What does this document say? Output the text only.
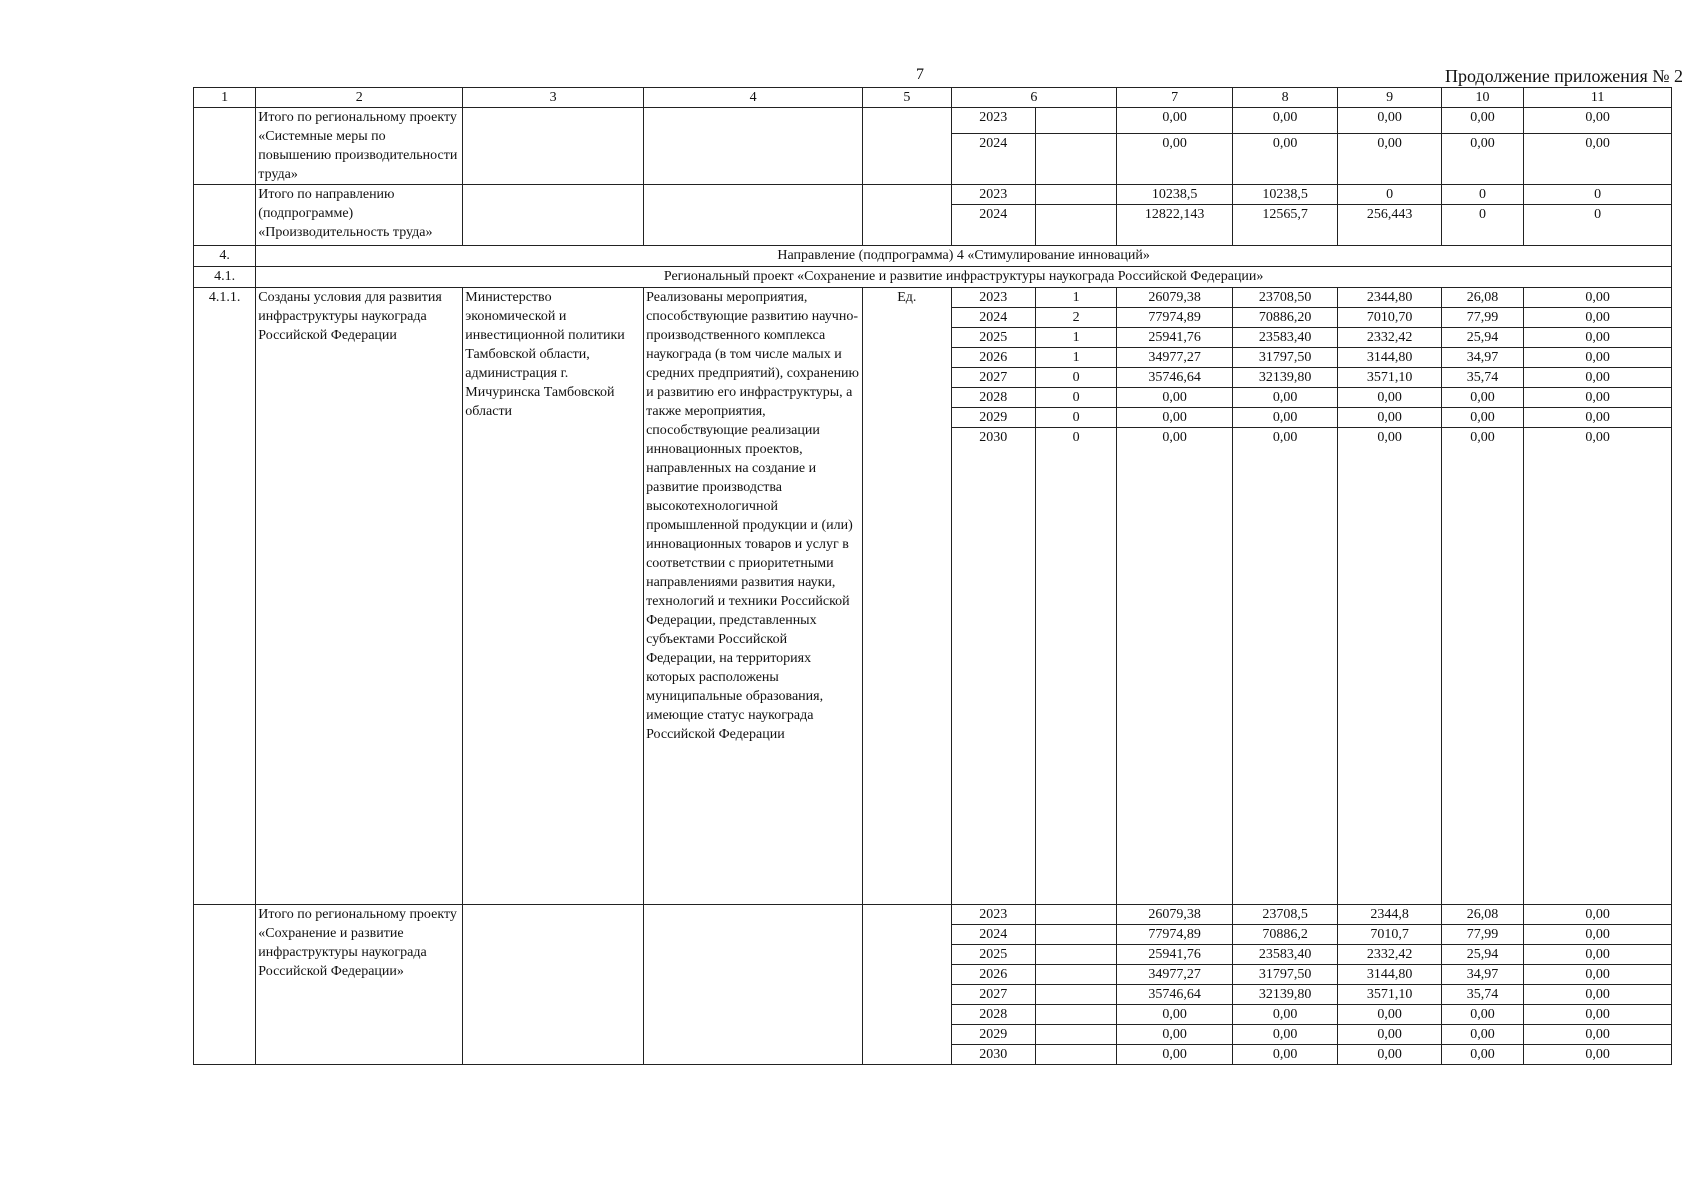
7	Продолжение приложения № 2
1	2	3	4	5	6		7	8	9	10	11
	Итого по региональному проекту «Системные меры по повышению производительности труда»				2023		0,00	0,00	0,00	0,00	0,00
					2024		0,00	0,00	0,00	0,00	0,00
	Итого по направлению (подпрограмме) «Производительность труда»				2023		10238,5	10238,5	0	0	0
					2024		12822,143	12565,7	256,443	0	0
4.	Направление (подпрограмма) 4 «Стимулирование инноваций»										
4.1.	Региональный проект «Сохранение и развитие инфраструктуры наукограда Российской Федерации»										
4.1.1.	Созданы условия для развития инфраструктуры наукограда Российской Федерации	Министерство экономической и инвестиционной политики Тамбовской области, администрация г. Мичуринска Тамбовской области	Реализованы мероприятия, способствующие развитию научно-производственного комплекса наукограда (в том числе малых и средних предприятий), сохранению и развитию его инфраструктуры, а также мероприятия, способствующие реализации инновационных проектов, направленных на создание и развитие производства высокотехнологичной промышленной продукции и (или) инновационных товаров и услуг в соответствии с приоритетными направлениями развития науки, технологий и техники Российской Федерации, представленных субъектами Российской Федерации, на территориях которых расположены муниципальные образования, имеющие статус наукограда Российской Федерации	Ед.	2023	1	26079,38	23708,50	2344,80	26,08	0,00
					2024	2	77974,89	70886,20	7010,70	77,99	0,00
					2025	1	25941,76	23583,40	2332,42	25,94	0,00
					2026	1	34977,27	31797,50	3144,80	34,97	0,00
					2027	0	35746,64	32139,80	3571,10	35,74	0,00
					2028	0	0,00	0,00	0,00	0,00	0,00
					2029	0	0,00	0,00	0,00	0,00	0,00
					2030	0	0,00	0,00	0,00	0,00	0,00
	Итого по региональному проекту «Сохранение и развитие инфраструктуры наукограда Российской Федерации»				2023		26079,38	23708,5	2344,8	26,08	0,00
					2024		77974,89	70886,2	7010,7	77,99	0,00
					2025		25941,76	23583,40	2332,42	25,94	0,00
					2026		34977,27	31797,50	3144,80	34,97	0,00
					2027		35746,64	32139,80	3571,10	35,74	0,00
					2028		0,00	0,00	0,00	0,00	0,00
					2029		0,00	0,00	0,00	0,00	0,00
					2030		0,00	0,00	0,00	0,00	0,00
